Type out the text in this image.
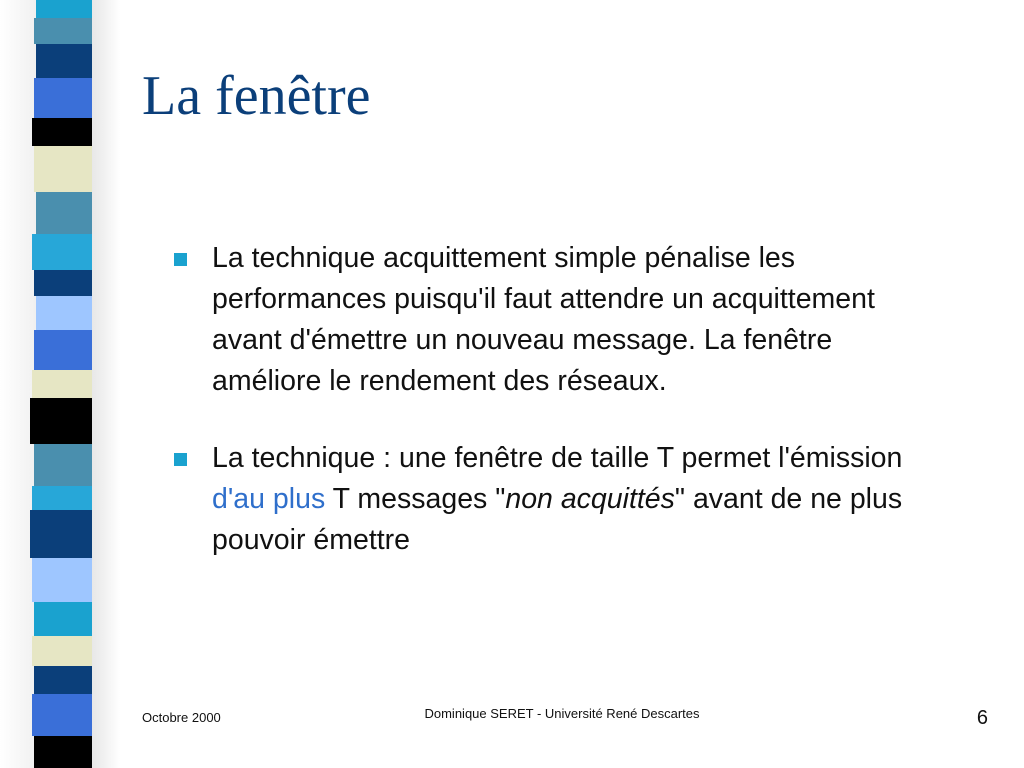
La fenêtre
La technique acquittement simple pénalise les performances puisqu'il faut attendre un acquittement avant d'émettre un nouveau message. La fenêtre améliore le rendement des réseaux.
La technique : une fenêtre de taille T permet l'émission d'au plus T messages "non acquittés" avant de ne plus pouvoir émettre
Octobre 2000	Dominique SERET - Université René Descartes	6
